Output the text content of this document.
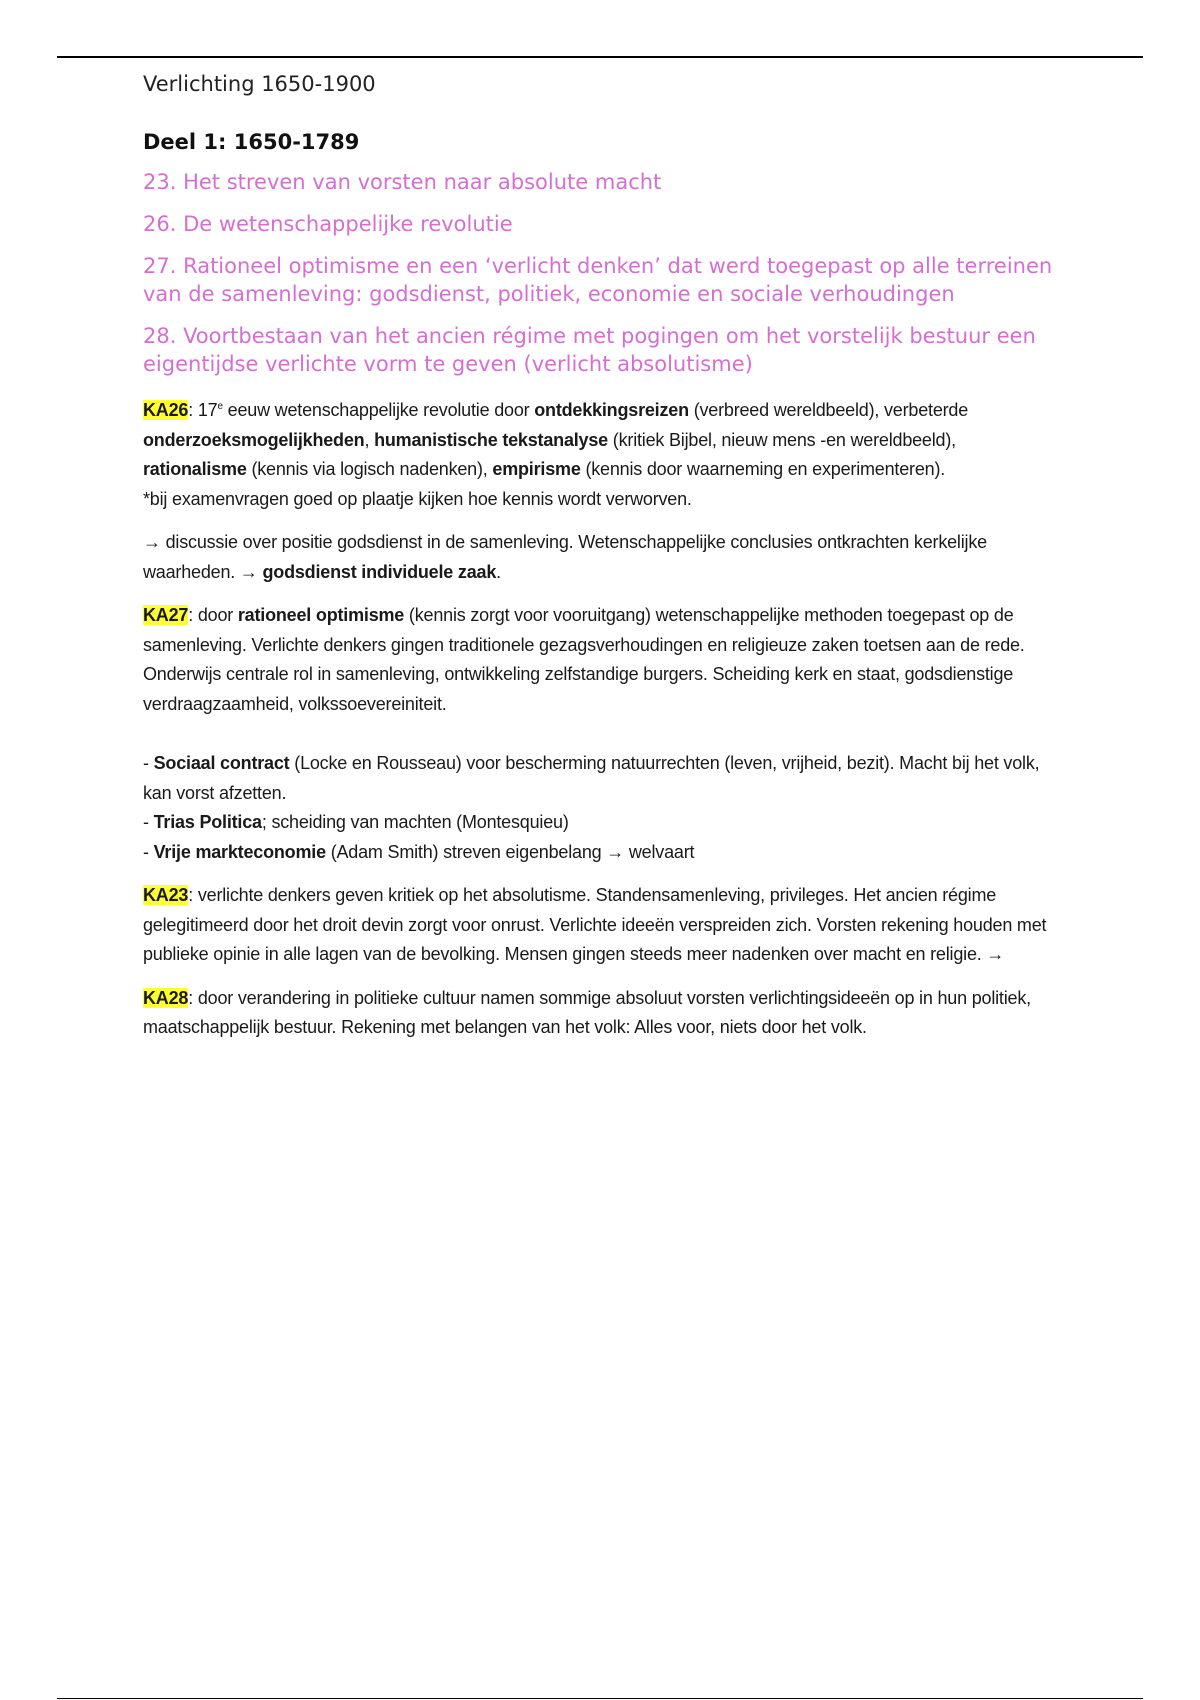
Verlichting 1650-1900
Deel 1: 1650-1789
23. Het streven van vorsten naar absolute macht
26. De wetenschappelijke revolutie
27. Rationeel optimisme en een ‘verlicht denken’ dat werd toegepast op alle terreinen van de samenleving: godsdienst, politiek, economie en sociale verhoudingen
28. Voortbestaan van het ancien régime met pogingen om het vorstelijk bestuur een eigentijdse verlichte vorm te geven (verlicht absolutisme)

KA26: 17e eeuw wetenschappelijke revolutie door ontdekkingsreizen (verbreed wereldbeeld), verbeterde onderzoeksmogelijkheden, humanistische tekstanalyse (kritiek Bijbel, nieuw mens -en wereldbeeld), rationalisme (kennis via logisch nadenken), empirisme (kennis door waarneming en experimenteren).

*bij examenvragen goed op plaatje kijken hoe kennis wordt verworven.

→ discussie over positie godsdienst in de samenleving. Wetenschappelijke conclusies ontkrachten kerkelijke waarheden. → godsdienst individuele zaak.

KA27: door rationeel optimisme (kennis zorgt voor vooruitgang) wetenschappelijke methoden toegepast op de samenleving. Verlichte denkers gingen traditionele gezagsverhoudingen en religieuze zaken toetsen aan de rede. Onderwijs centrale rol in samenleving, ontwikkeling zelfstandige burgers. Scheiding kerk en staat, godsdienstige verdraagzaamheid, volkssoevereiniteit.

- Sociaal contract (Locke en Rousseau) voor bescherming natuurrechten (leven, vrijheid, bezit). Macht bij het volk, kan vorst afzetten.

- Trias Politica; scheiding van machten (Montesquieu)

- Vrije markteconomie (Adam Smith) streven eigenbelang → welvaart

KA23: verlichte denkers geven kritiek op het absolutisme. Standensamenleving, privileges. Het ancien régime gelegitimeerd door het droit devin zorgt voor onrust. Verlichte ideeën verspreiden zich. Vorsten rekening houden met publieke opinie in alle lagen van de bevolking. Mensen gingen steeds meer nadenken over macht en religie. →

KA28: door verandering in politieke cultuur namen sommige absoluut vorsten verlichtingsideeën op in hun politiek, maatschappelijk bestuur. Rekening met belangen van het volk: Alles voor, niets door het volk.
